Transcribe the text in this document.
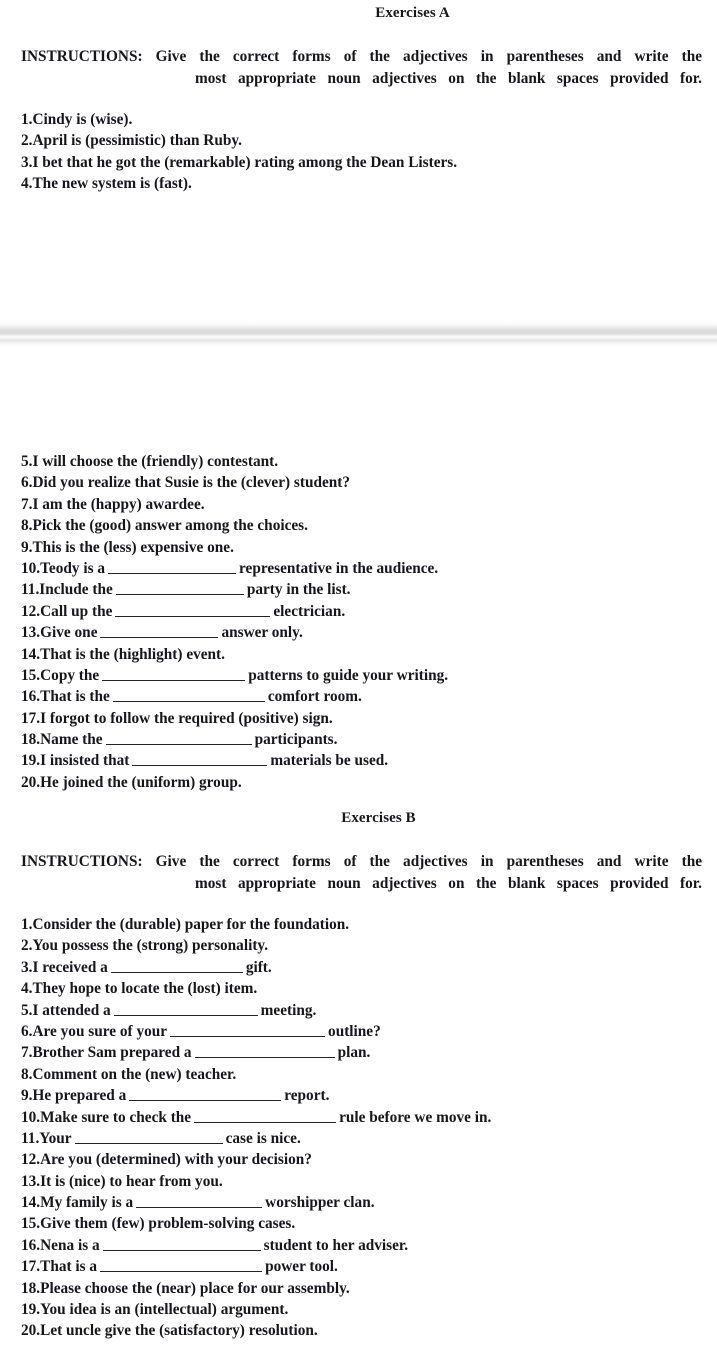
Exercises A
INSTRUCTIONS: Give the correct forms of the adjectives in parentheses and write the
most appropriate noun adjectives on the blank spaces provided for.
1.Cindy is (wise).
2.April is (pessimistic) than Ruby.
3.I bet that he got the (remarkable) rating among the Dean Listers.
4.The new system is (fast).
5.I will choose the (friendly) contestant.
6.Did you realize that Susie is the (clever) student?
7.I am the (happy) awardee.
8.Pick the (good) answer among the choices.
9.This is the (less) expensive one.
10.Teody is a	representative in the audience.
11.Include the	party in the list.
12.Call up the	electrician.
13.Give one	answer only.
14.That is the (highlight) event.
15.Copy the	patterns to guide your writing.
16.That is the	comfort room.
17.I forgot to follow the required (positive) sign.
18.Name the	participants.
19.I insisted that	materials be used.
20.He joined the (uniform) group.
Exercises B
INSTRUCTIONS: Give the correct forms of the adjectives in parentheses and write the
most appropriate noun adjectives on the blank spaces provided for.
1.Consider the (durable) paper for the foundation.
2.You possess the (strong) personality.
3.I received a	gift.
4.They hope to locate the (lost) item.
5.I attended a	meeting.
6.Are you sure of your	outline?
7.Brother Sam prepared a	plan.
8.Comment on the (new) teacher.
9.He prepared a	report.
10.Make sure to check the	rule before we move in.
11.Your	case is nice.
12.Are you (determined) with your decision?
13.It is (nice) to hear from you.
14.My family is a	worshipper clan.
15.Give them (few) problem-solving cases.
16.Nena is a	student to her adviser.
17.That is a	power tool.
18.Please choose the (near) place for our assembly.
19.You idea is an (intellectual) argument.
20.Let uncle give the (satisfactory) resolution.
